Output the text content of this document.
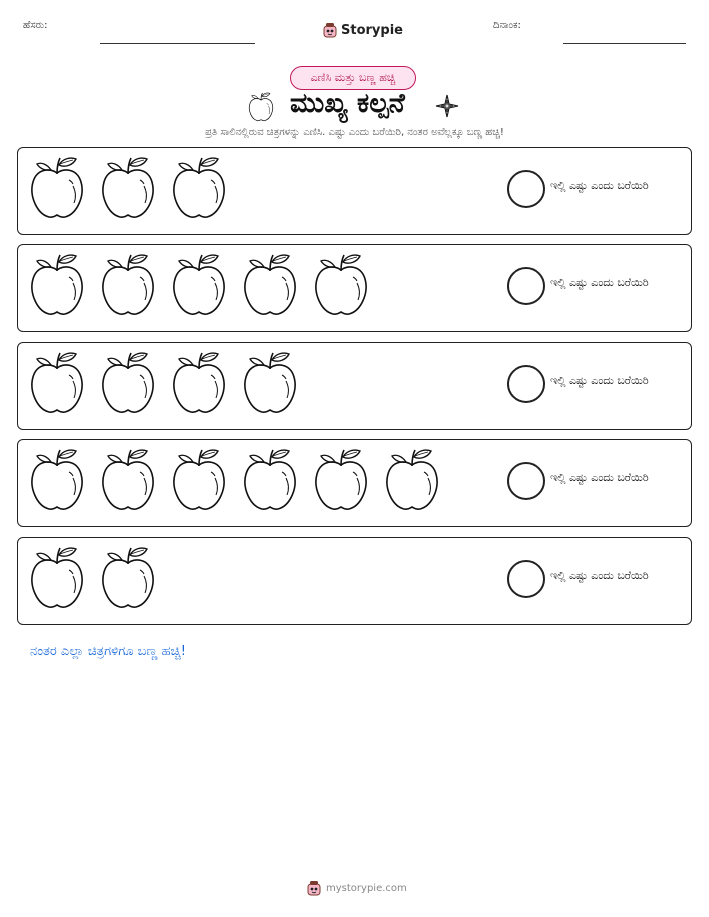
ಹೆಸರು:	Storypie	ದಿನಾಂಕ:
ಎಣಿಸಿ ಮತ್ತು ಬಣ್ಣ ಹಚ್ಚಿ
ಮುಖ್ಯ ಕಲ್ಪನೆ
ಪ್ರತಿ ಸಾಲಿನಲ್ಲಿರುವ ಚಿತ್ರಗಳನ್ನು ಎಣಿಸಿ. ಎಷ್ಟು ಎಂದು ಬರೆಯಿರಿ, ನಂತರ ಅವೆಲ್ಲಕ್ಕೂ ಬಣ್ಣ ಹಚ್ಚಿ!
ಇಲ್ಲಿ ಎಷ್ಟು ಎಂದು ಬರೆಯಿರಿ
ಇಲ್ಲಿ ಎಷ್ಟು ಎಂದು ಬರೆಯಿರಿ
ಇಲ್ಲಿ ಎಷ್ಟು ಎಂದು ಬರೆಯಿರಿ
ಇಲ್ಲಿ ಎಷ್ಟು ಎಂದು ಬರೆಯಿರಿ
ಇಲ್ಲಿ ಎಷ್ಟು ಎಂದು ಬರೆಯಿರಿ
ನಂತರ ಎಲ್ಲಾ ಚಿತ್ರಗಳಿಗೂ ಬಣ್ಣ ಹಚ್ಚಿ!
mystorypie.com
